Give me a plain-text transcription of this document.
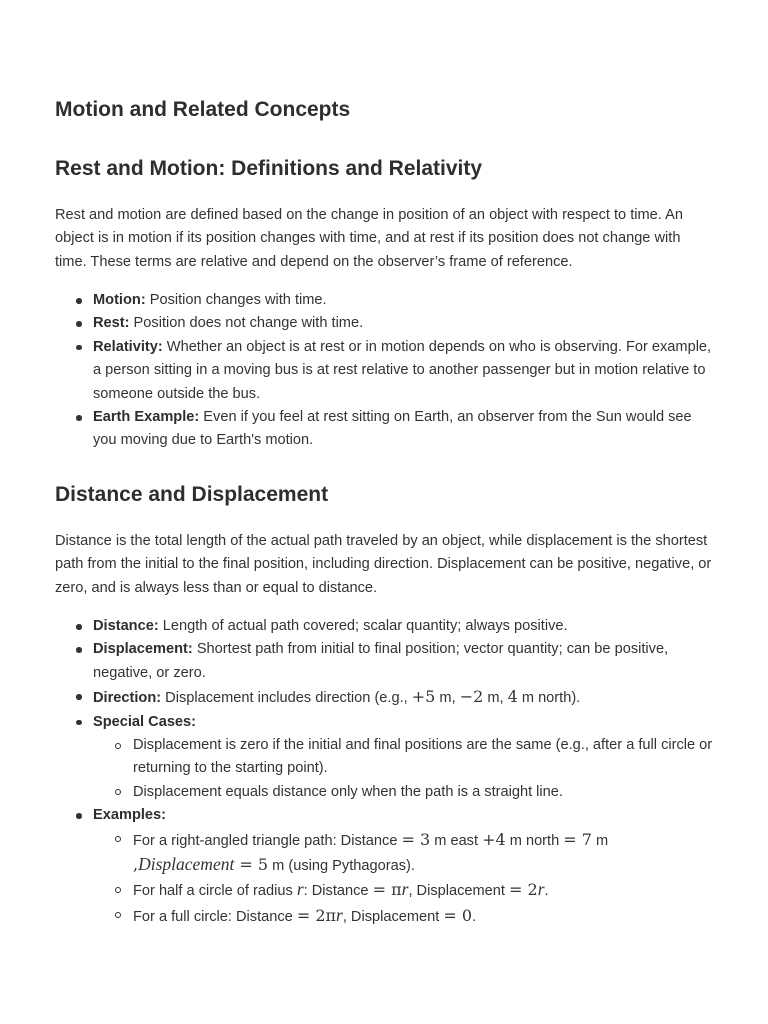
Motion and Related Concepts
Rest and Motion: Definitions and Relativity

Rest and motion are defined based on the change in position of an object with respect to time. An object is in motion if its position changes with time, and at rest if its position does not change with time. These terms are relative and depend on the observer’s frame of reference.

Motion: Position changes with time.
Rest: Position does not change with time.
Relativity: Whether an object is at rest or in motion depends on who is observing. For example, a person sitting in a moving bus is at rest relative to another passenger but in motion relative to someone outside the bus.
Earth Example: Even if you feel at rest sitting on Earth, an observer from the Sun would see you moving due to Earth's motion.
Distance and Displacement

Distance is the total length of the actual path traveled by an object, while displacement is the shortest path from the initial to the final position, including direction. Displacement can be positive, negative, or zero, and is always less than or equal to distance.

Distance: Length of actual path covered; scalar quantity; always positive.
Displacement: Shortest path from initial to final position; vector quantity; can be positive, negative, or zero.
Direction: Displacement includes direction (e.g., +5 m, −2 m, 4 m north).
Special Cases:
Displacement is zero if the initial and final positions are the same (e.g., after a full circle or returning to the starting point).
Displacement equals distance only when the path is a straight line.
Examples:
For a right-angled triangle path: Distance = 3 m east +4 m north = 7 m
,Displacement = 5 m (using Pythagoras).
For half a circle of radius r: Distance = πr, Displacement = 2r.
For a full circle: Distance = 2πr, Displacement = 0.
